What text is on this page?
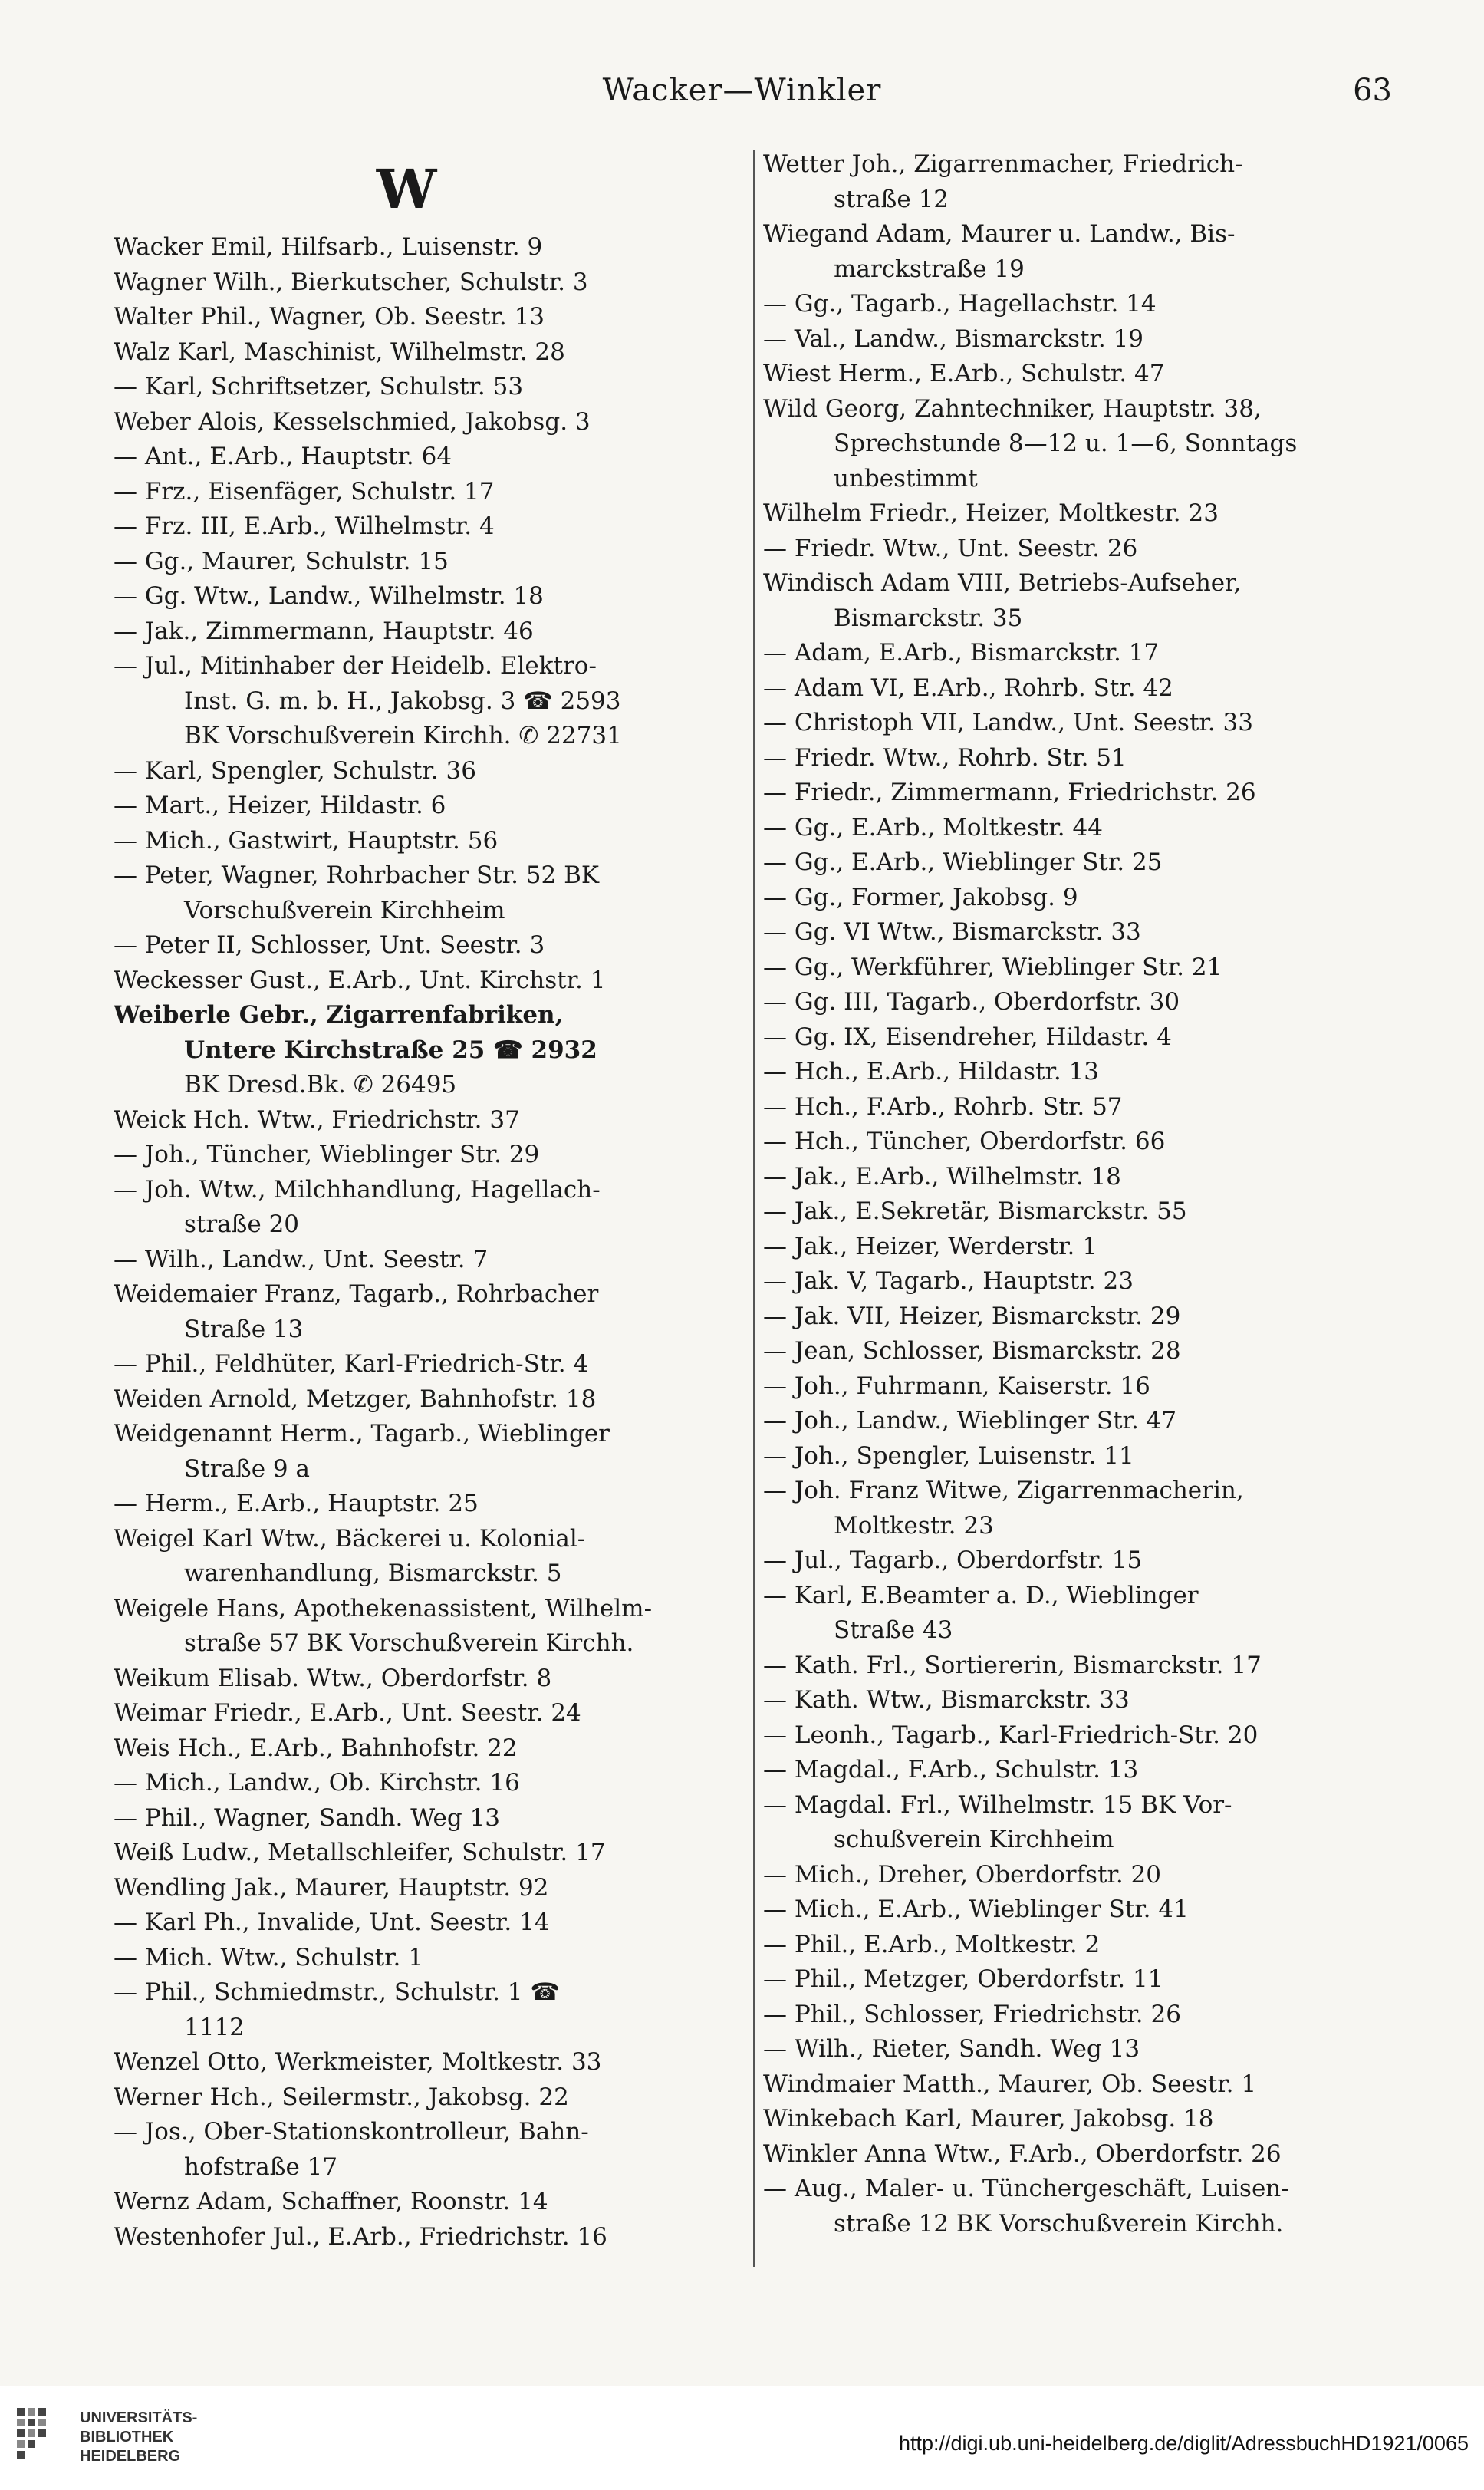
Wacker—Winkler	63
W
Wacker Emil, Hilfsarb., Luisenstr. 9
Wagner Wilh., Bierkutscher, Schulstr. 3
Walter Phil., Wagner, Ob. Seestr. 13
Walz Karl, Maschinist, Wilhelmstr. 28
— Karl, Schriftsetzer, Schulstr. 53
Weber Alois, Kesselschmied, Jakobsg. 3
— Ant., E.Arb., Hauptstr. 64
— Frz., Eisenfäger, Schulstr. 17
— Frz. III, E.Arb., Wilhelmstr. 4
— Gg., Maurer, Schulstr. 15
— Gg. Wtw., Landw., Wilhelmstr. 18
— Jak., Zimmermann, Hauptstr. 46
— Jul., Mitinhaber der Heidelb. Elektro-
Inst. G. m. b. H., Jakobsg. 3 ☎ 2593
BK Vorschußverein Kirchh. ✆ 22731
— Karl, Spengler, Schulstr. 36
— Mart., Heizer, Hildastr. 6
— Mich., Gastwirt, Hauptstr. 56
— Peter, Wagner, Rohrbacher Str. 52 BK
Vorschußverein Kirchheim
— Peter II, Schlosser, Unt. Seestr. 3
Weckesser Gust., E.Arb., Unt. Kirchstr. 1
Weiberle Gebr., Zigarrenfabriken,
Untere Kirchstraße 25 ☎ 2932
BK Dresd.Bk. ✆ 26495
Weick Hch. Wtw., Friedrichstr. 37
— Joh., Tüncher, Wieblinger Str. 29
— Joh. Wtw., Milchhandlung, Hagellach-
straße 20
— Wilh., Landw., Unt. Seestr. 7
Weidemaier Franz, Tagarb., Rohrbacher
Straße 13
— Phil., Feldhüter, Karl-Friedrich-Str. 4
Weiden Arnold, Metzger, Bahnhofstr. 18
Weidgenannt Herm., Tagarb., Wieblinger
Straße 9 a
— Herm., E.Arb., Hauptstr. 25
Weigel Karl Wtw., Bäckerei u. Kolonial-
warenhandlung, Bismarckstr. 5
Weigele Hans, Apothekenassistent, Wilhelm-
straße 57 BK Vorschußverein Kirchh.
Weikum Elisab. Wtw., Oberdorfstr. 8
Weimar Friedr., E.Arb., Unt. Seestr. 24
Weis Hch., E.Arb., Bahnhofstr. 22
— Mich., Landw., Ob. Kirchstr. 16
— Phil., Wagner, Sandh. Weg 13
Weiß Ludw., Metallschleifer, Schulstr. 17
Wendling Jak., Maurer, Hauptstr. 92
— Karl Ph., Invalide, Unt. Seestr. 14
— Mich. Wtw., Schulstr. 1
— Phil., Schmiedmstr., Schulstr. 1 ☎
1112
Wenzel Otto, Werkmeister, Moltkestr. 33
Werner Hch., Seilermstr., Jakobsg. 22
— Jos., Ober-Stationskontrolleur, Bahn-
hofstraße 17
Wernz Adam, Schaffner, Roonstr. 14
Westenhofer Jul., E.Arb., Friedrichstr. 16
Wetter Joh., Zigarrenmacher, Friedrich-
straße 12
Wiegand Adam, Maurer u. Landw., Bis-
marckstraße 19
— Gg., Tagarb., Hagellachstr. 14
— Val., Landw., Bismarckstr. 19
Wiest Herm., E.Arb., Schulstr. 47
Wild Georg, Zahntechniker, Hauptstr. 38,
Sprechstunde 8—12 u. 1—6, Sonntags
unbestimmt
Wilhelm Friedr., Heizer, Moltkestr. 23
— Friedr. Wtw., Unt. Seestr. 26
Windisch Adam VIII, Betriebs-Aufseher,
Bismarckstr. 35
— Adam, E.Arb., Bismarckstr. 17
— Adam VI, E.Arb., Rohrb. Str. 42
— Christoph VII, Landw., Unt. Seestr. 33
— Friedr. Wtw., Rohrb. Str. 51
— Friedr., Zimmermann, Friedrichstr. 26
— Gg., E.Arb., Moltkestr. 44
— Gg., E.Arb., Wieblinger Str. 25
— Gg., Former, Jakobsg. 9
— Gg. VI Wtw., Bismarckstr. 33
— Gg., Werkführer, Wieblinger Str. 21
— Gg. III, Tagarb., Oberdorfstr. 30
— Gg. IX, Eisendreher, Hildastr. 4
— Hch., E.Arb., Hildastr. 13
— Hch., F.Arb., Rohrb. Str. 57
— Hch., Tüncher, Oberdorfstr. 66
— Jak., E.Arb., Wilhelmstr. 18
— Jak., E.Sekretär, Bismarckstr. 55
— Jak., Heizer, Werderstr. 1
— Jak. V, Tagarb., Hauptstr. 23
— Jak. VII, Heizer, Bismarckstr. 29
— Jean, Schlosser, Bismarckstr. 28
— Joh., Fuhrmann, Kaiserstr. 16
— Joh., Landw., Wieblinger Str. 47
— Joh., Spengler, Luisenstr. 11
— Joh. Franz Witwe, Zigarrenmacherin,
Moltkestr. 23
— Jul., Tagarb., Oberdorfstr. 15
— Karl, E.Beamter a. D., Wieblinger
Straße 43
— Kath. Frl., Sortiererin, Bismarckstr. 17
— Kath. Wtw., Bismarckstr. 33
— Leonh., Tagarb., Karl-Friedrich-Str. 20
— Magdal., F.Arb., Schulstr. 13
— Magdal. Frl., Wilhelmstr. 15 BK Vor-
schußverein Kirchheim
— Mich., Dreher, Oberdorfstr. 20
— Mich., E.Arb., Wieblinger Str. 41
— Phil., E.Arb., Moltkestr. 2
— Phil., Metzger, Oberdorfstr. 11
— Phil., Schlosser, Friedrichstr. 26
— Wilh., Rieter, Sandh. Weg 13
Windmaier Matth., Maurer, Ob. Seestr. 1
Winkebach Karl, Maurer, Jakobsg. 18
Winkler Anna Wtw., F.Arb., Oberdorfstr. 26
— Aug., Maler- u. Tünchergeschäft, Luisen-
straße 12 BK Vorschußverein Kirchh.
UNIVERSITÄTS-
BIBLIOTHEK
HEIDELBERG
http://digi.ub.uni-heidelberg.de/diglit/AdressbuchHD1921/0065
